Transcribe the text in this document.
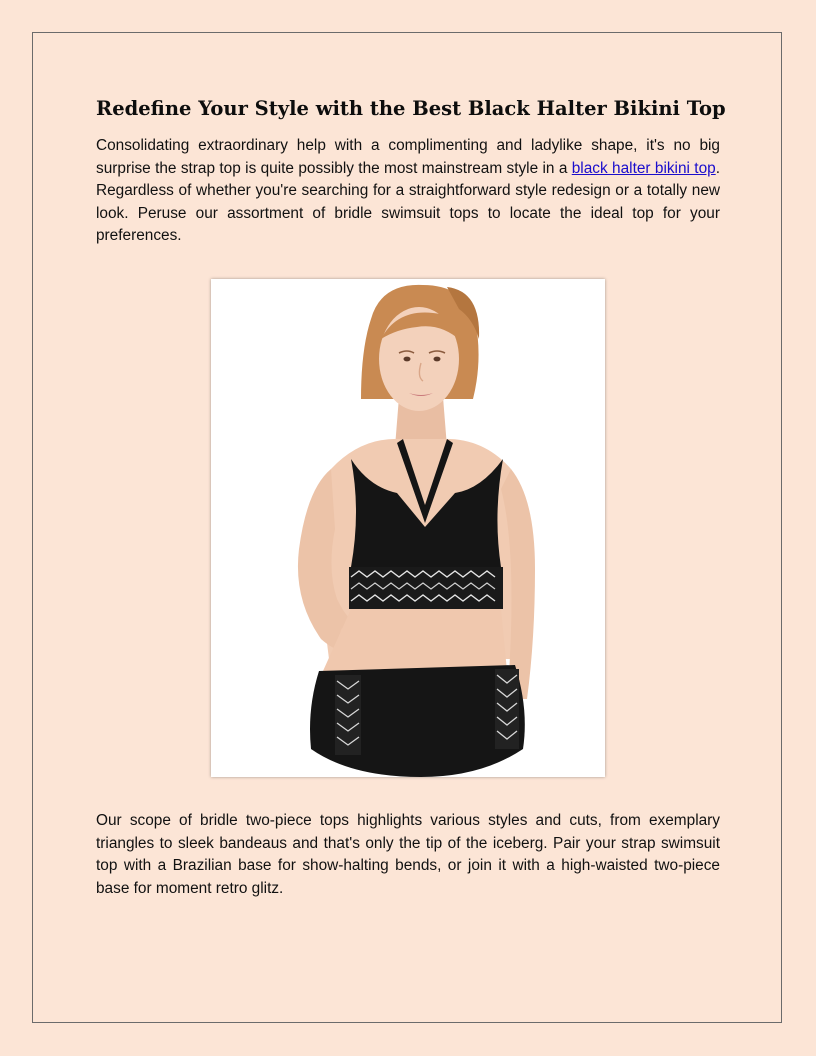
Redefine Your Style with the Best Black Halter Bikini Top

Consolidating extraordinary help with a complimenting and ladylike shape, it's no big surprise the strap top is quite possibly the most mainstream style in a black halter bikini top. Regardless of whether you're searching for a straightforward style redesign or a totally new look. Peruse our assortment of bridle swimsuit tops to locate the ideal top for your preferences.

Our scope of bridle two-piece tops highlights various styles and cuts, from exemplary triangles to sleek bandeaus and that's only the tip of the iceberg. Pair your strap swimsuit top with a Brazilian base for show-halting bends, or join it with a high-waisted two-piece base for moment retro glitz.
